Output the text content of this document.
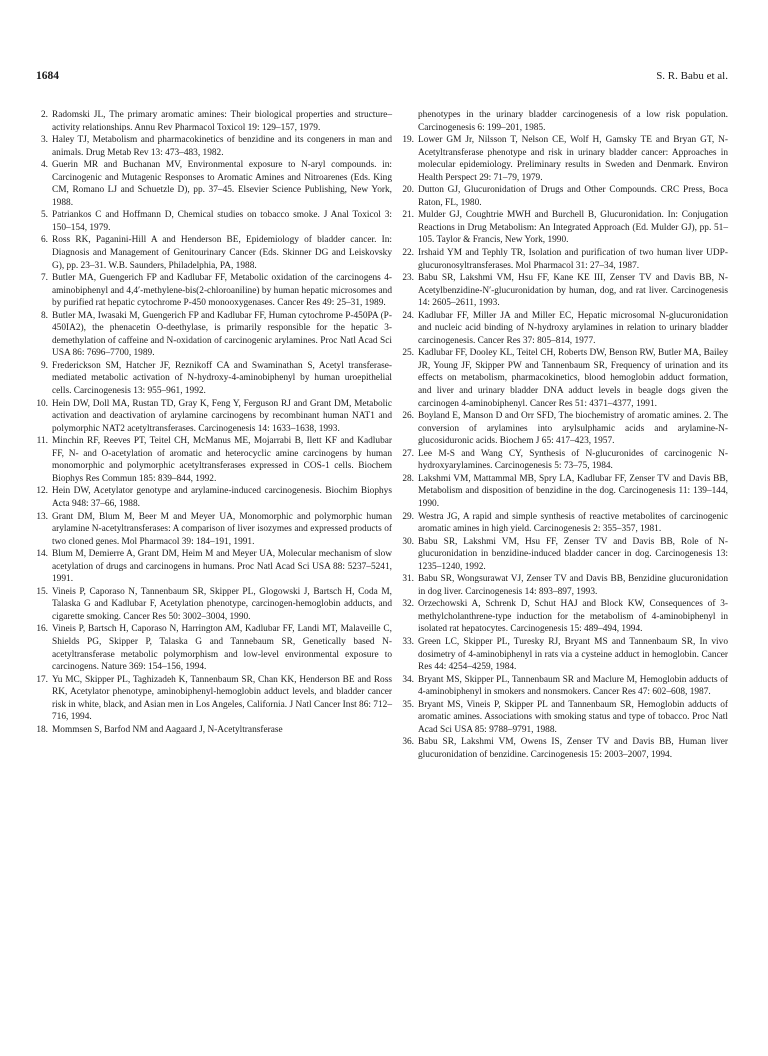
1684	S. R. Babu et al.
2. Radomski JL, The primary aromatic amines: Their biological properties and structure–activity relationships. Annu Rev Pharmacol Toxicol 19: 129–157, 1979.
3. Haley TJ, Metabolism and pharmacokinetics of benzidine and its congeners in man and animals. Drug Metab Rev 13: 473–483, 1982.
4. Guerin MR and Buchanan MV, Environmental exposure to N-aryl compounds. in: Carcinogenic and Mutagenic Responses to Aromatic Amines and Nitroarenes (Eds. King CM, Romano LJ and Schuetzle D), pp. 37–45. Elsevier Science Publishing, New York, 1988.
5. Patriankos C and Hoffmann D, Chemical studies on tobacco smoke. J Anal Toxicol 3: 150–154, 1979.
6. Ross RK, Paganini-Hill A and Henderson BE, Epidemiology of bladder cancer. In: Diagnosis and Management of Genitourinary Cancer (Eds. Skinner DG and Leiskovsky G), pp. 23–31. W.B. Saunders, Philadelphia, PA, 1988.
7. Butler MA, Guengerich FP and Kadlubar FF, Metabolic oxidation of the carcinogens 4-aminobiphenyl and 4,4′-methylene-bis(2-chloroaniline) by human hepatic microsomes and by purified rat hepatic cytochrome P-450 monooxygenases. Cancer Res 49: 25–31, 1989.
8. Butler MA, Iwasaki M, Guengerich FP and Kadlubar FF, Human cytochrome P-450PA (P-450IA2), the phenacetin O-deethylase, is primarily responsible for the hepatic 3-demethylation of caffeine and N-oxidation of carcinogenic arylamines. Proc Natl Acad Sci USA 86: 7696–7700, 1989.
9. Frederickson SM, Hatcher JF, Reznikoff CA and Swaminathan S, Acetyl transferase-mediated metabolic activation of N-hydroxy-4-aminobiphenyl by human uroepithelial cells. Carcinogenesis 13: 955–961, 1992.
10. Hein DW, Doll MA, Rustan TD, Gray K, Feng Y, Ferguson RJ and Grant DM, Metabolic activation and deactivation of arylamine carcinogens by recombinant human NAT1 and polymorphic NAT2 acetyltransferases. Carcinogenesis 14: 1633–1638, 1993.
11. Minchin RF, Reeves PT, Teitel CH, McManus ME, Mojarrabi B, Ilett KF and Kadlubar FF, N- and O-acetylation of aromatic and heterocyclic amine carcinogens by human monomorphic and polymorphic acetyltransferases expressed in COS-1 cells. Biochem Biophys Res Commun 185: 839–844, 1992.
12. Hein DW, Acetylator genotype and arylamine-induced carcinogenesis. Biochim Biophys Acta 948: 37–66, 1988.
13. Grant DM, Blum M, Beer M and Meyer UA, Monomorphic and polymorphic human arylamine N-acetyltransferases: A comparison of liver isozymes and expressed products of two cloned genes. Mol Pharmacol 39: 184–191, 1991.
14. Blum M, Demierre A, Grant DM, Heim M and Meyer UA, Molecular mechanism of slow acetylation of drugs and carcinogens in humans. Proc Natl Acad Sci USA 88: 5237–5241, 1991.
15. Vineis P, Caporaso N, Tannenbaum SR, Skipper PL, Glogowski J, Bartsch H, Coda M, Talaska G and Kadlubar F, Acetylation phenotype, carcinogen-hemoglobin adducts, and cigarette smoking. Cancer Res 50: 3002–3004, 1990.
16. Vineis P, Bartsch H, Caporaso N, Harrington AM, Kadlubar FF, Landi MT, Malaveille C, Shields PG, Skipper P, Talaska G and Tannebaum SR, Genetically based N-acetyltransferase metabolic polymorphism and low-level environmental exposure to carcinogens. Nature 369: 154–156, 1994.
17. Yu MC, Skipper PL, Taghizadeh K, Tannenbaum SR, Chan KK, Henderson BE and Ross RK, Acetylator phenotype, aminobiphenyl-hemoglobin adduct levels, and bladder cancer risk in white, black, and Asian men in Los Angeles, California. J Natl Cancer Inst 86: 712–716, 1994.
18. Mommsen S, Barfod NM and Aagaard J, N-Acetyltransferase
phenotypes in the urinary bladder carcinogenesis of a low risk population. Carcinogenesis 6: 199–201, 1985.
19. Lower GM Jr, Nilsson T, Nelson CE, Wolf H, Gamsky TE and Bryan GT, N-Acetyltransferase phenotype and risk in urinary bladder cancer: Approaches in molecular epidemiology. Preliminary results in Sweden and Denmark. Environ Health Perspect 29: 71–79, 1979.
20. Dutton GJ, Glucuronidation of Drugs and Other Compounds. CRC Press, Boca Raton, FL, 1980.
21. Mulder GJ, Coughtrie MWH and Burchell B, Glucuronidation. In: Conjugation Reactions in Drug Metabolism: An Integrated Approach (Ed. Mulder GJ), pp. 51–105. Taylor & Francis, New York, 1990.
22. Irshaid YM and Tephly TR, Isolation and purification of two human liver UDP-glucuronosyltransferases. Mol Pharmacol 31: 27–34, 1987.
23. Babu SR, Lakshmi VM, Hsu FF, Kane KE III, Zenser TV and Davis BB, N-Acetylbenzidine-N′-glucuronidation by human, dog, and rat liver. Carcinogenesis 14: 2605–2611, 1993.
24. Kadlubar FF, Miller JA and Miller EC, Hepatic microsomal N-glucuronidation and nucleic acid binding of N-hydroxy arylamines in relation to urinary bladder carcinogenesis. Cancer Res 37: 805–814, 1977.
25. Kadlubar FF, Dooley KL, Teitel CH, Roberts DW, Benson RW, Butler MA, Bailey JR, Young JF, Skipper PW and Tannenbaum SR, Frequency of urination and its effects on metabolism, pharmacokinetics, blood hemoglobin adduct formation, and liver and urinary bladder DNA adduct levels in beagle dogs given the carcinogen 4-aminobiphenyl. Cancer Res 51: 4371–4377, 1991.
26. Boyland E, Manson D and Orr SFD, The biochemistry of aromatic amines. 2. The conversion of arylamines into arylsulphamic acids and arylamine-N-glucosiduronic acids. Biochem J 65: 417–423, 1957.
27. Lee M-S and Wang CY, Synthesis of N-glucuronides of carcinogenic N-hydroxyarylamines. Carcinogenesis 5: 73–75, 1984.
28. Lakshmi VM, Mattammal MB, Spry LA, Kadlubar FF, Zenser TV and Davis BB, Metabolism and disposition of benzidine in the dog. Carcinogenesis 11: 139–144, 1990.
29. Westra JG, A rapid and simple synthesis of reactive metabolites of carcinogenic aromatic amines in high yield. Carcinogenesis 2: 355–357, 1981.
30. Babu SR, Lakshmi VM, Hsu FF, Zenser TV and Davis BB, Role of N-glucuronidation in benzidine-induced bladder cancer in dog. Carcinogenesis 13: 1235–1240, 1992.
31. Babu SR, Wongsurawat VJ, Zenser TV and Davis BB, Benzidine glucuronidation in dog liver. Carcinogenesis 14: 893–897, 1993.
32. Orzechowski A, Schrenk D, Schut HAJ and Block KW, Consequences of 3-methylcholanthrene-type induction for the metabolism of 4-aminobiphenyl in isolated rat hepatocytes. Carcinogenesis 15: 489–494, 1994.
33. Green LC, Skipper PL, Turesky RJ, Bryant MS and Tannenbaum SR, In vivo dosimetry of 4-aminobiphenyl in rats via a cysteine adduct in hemoglobin. Cancer Res 44: 4254–4259, 1984.
34. Bryant MS, Skipper PL, Tannenbaum SR and Maclure M, Hemoglobin adducts of 4-aminobiphenyl in smokers and nonsmokers. Cancer Res 47: 602–608, 1987.
35. Bryant MS, Vineis P, Skipper PL and Tannenbaum SR, Hemoglobin adducts of aromatic amines. Associations with smoking status and type of tobacco. Proc Natl Acad Sci USA 85: 9788–9791, 1988.
36. Babu SR, Lakshmi VM, Owens IS, Zenser TV and Davis BB, Human liver glucuronidation of benzidine. Carcinogenesis 15: 2003–2007, 1994.
